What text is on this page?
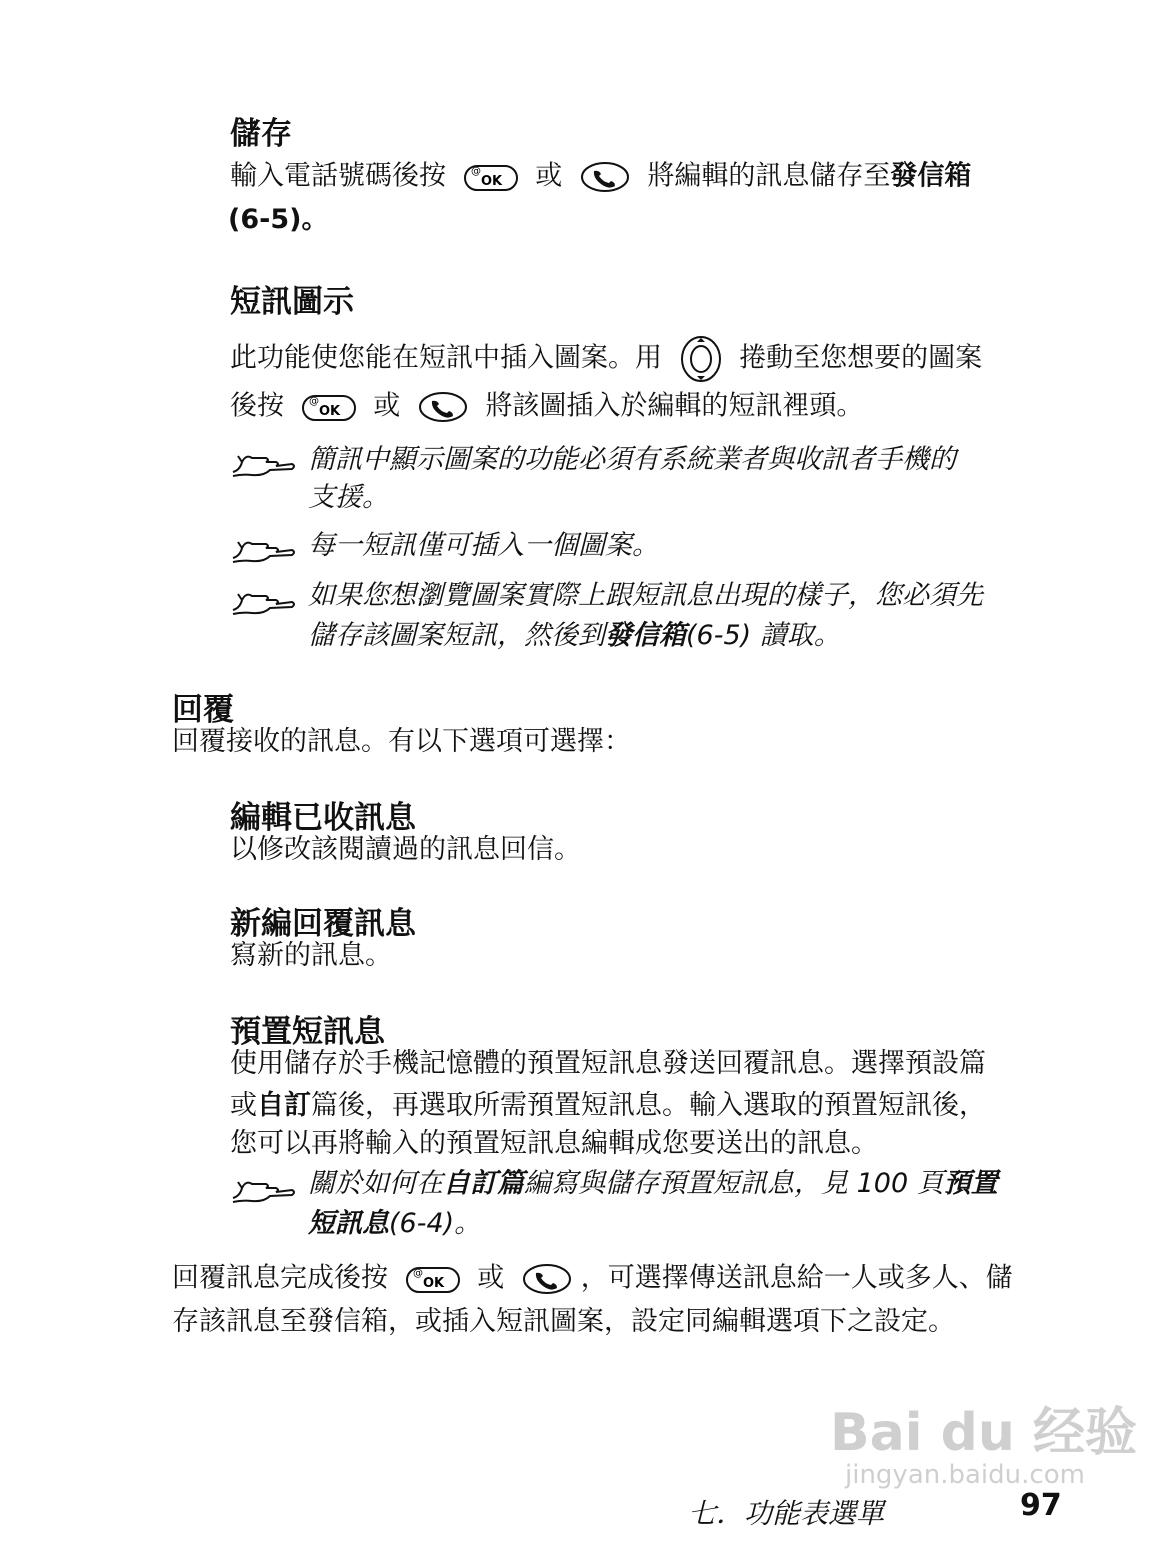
儲存
輸入電話號碼後按 @
OK 或	將編輯的訊息儲存至發信箱
(6-5)。
短訊圖示
此功能使您能在短訊中插入圖案。用	捲動至您想要的圖案
後按 @
OK 或	將該圖插入於編輯的短訊裡頭。
簡訊中顯示圖案的功能必須有系統業者與收訊者手機的
支援。
每一短訊僅可插入一個圖案。
如果您想瀏覽圖案實際上跟短訊息出現的樣子，您必須先
儲存該圖案短訊，然後到發信箱(6-5) 讀取。
回覆
回覆接收的訊息。有以下選項可選擇：
編輯已收訊息
以修改該閱讀過的訊息回信。
新編回覆訊息
寫新的訊息。
預置短訊息
使用儲存於手機記憶體的預置短訊息發送回覆訊息。選擇預設篇
或自訂篇後，再選取所需預置短訊息。輸入選取的預置短訊後，
您可以再將輸入的預置短訊息編輯成您要送出的訊息。
關於如何在自訂篇編寫與儲存預置短訊息，見 100 頁預置
短訊息(6-4)。
回覆訊息完成後按 @
OK 或	，可選擇傳送訊息給一人或多人、儲
存該訊息至發信箱，或插入短訊圖案，設定同編輯選項下之設定。
Bai du 经验
jingyan.baidu.com
七．功能表選單	97
